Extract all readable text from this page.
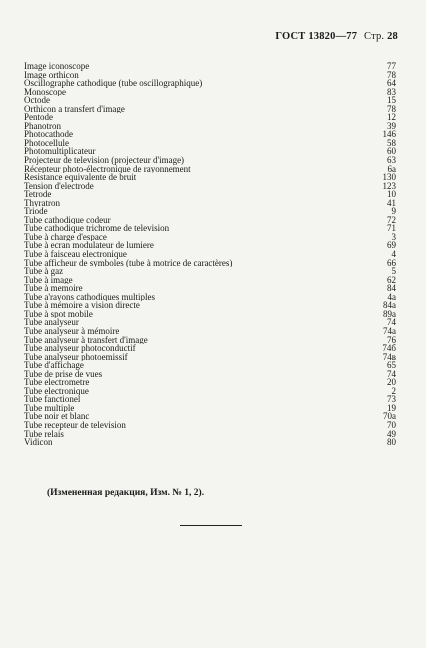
ГОСТ 13820—77 Стр. 28
Image iconoscope	77
Image orthicon	78
Oscillographe cathodique (tube oscillographique)	64
Monoscope	83
Octode	15
Orthicon a transfert d'image	78
Pentode	12
Phanotron	39
Photocathode	146
Photocellule	58
Photomultiplicateur	60
Projecteur de television (projecteur d'image)	63
Récepteur photo-électronique de rayonnement	6a
Resistance equivalente de bruit	130
Tension d'electrode	123
Tetrode	10
Thyratron	41
Triode	9
Tube cathodique codeur	72
Tube cathodique trichrome de television	71
Tube à charge d'espace	3
Tube à ecran modulateur de lumiere	69
Tube à faisceau electronique	4
Tube afficheur de symboles (tube à motrice de caractères)	66
Tube à gaz	5
Tube à image	62
Tube à memoire	84
Tube a'rayons cathodiques multiples	4a
Tube à mémoire a vision directe	84a
Tube à spot mobile	89a
Tube analyseur	74
Tube analyseur à mémoire	74a
Tube analyseur à transfert d'image	76
Tube analyseur photoconductif	74б
Tube analyseur photoemissif	74в
Tube d'affichage	65
Tube de prise de vues	74
Tube electrometre	20
Tube electronique	2
Tube fanctionel	73
Tube multiple	19
Tube noir et blanc	70a
Tube recepteur de television	70
Tube relais	49
Vidicon	80
(Измененная редакция, Изм. № 1, 2).
